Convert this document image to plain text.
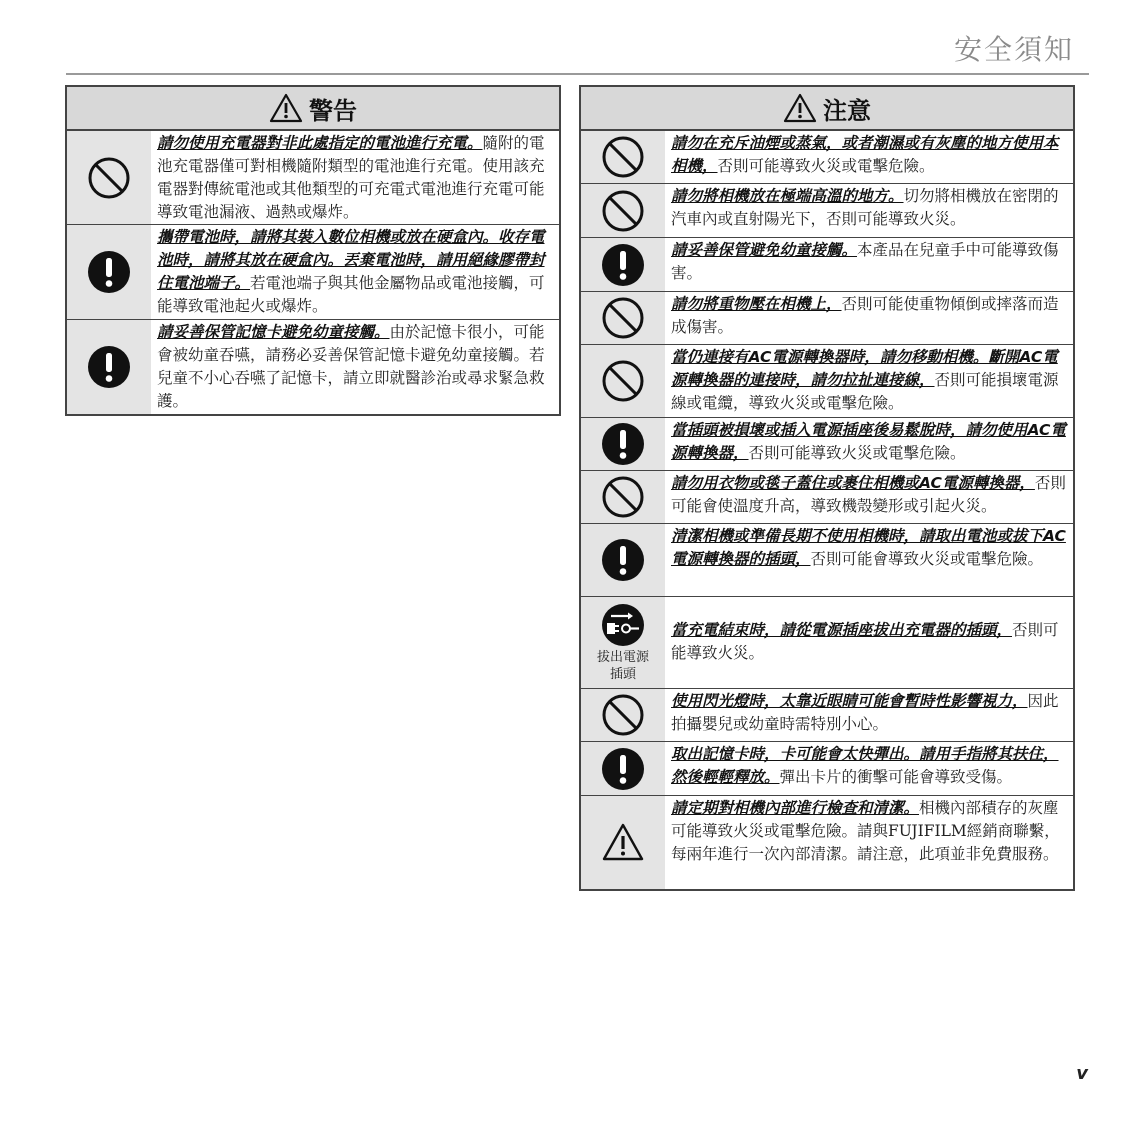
安全須知
警告
請勿使用充電器對非此處指定的電池進行充電。隨附的電池充電器僅可對相機隨附類型的電池進行充電。使用該充電器對傳統電池或其他類型的可充電式電池進行充電可能導致電池漏液、過熱或爆炸。
攜帶電池時，請將其裝入數位相機或放在硬盒內。收存電池時，請將其放在硬盒內。丟棄電池時，請用絕緣膠帶封住電池端子。若電池端子與其他金屬物品或電池接觸，可能導致電池起火或爆炸。
請妥善保管記憶卡避免幼童接觸。由於記憶卡很小，可能會被幼童吞嚥，請務必妥善保管記憶卡避免幼童接觸。若兒童不小心吞嚥了記憶卡，請立即就醫診治或尋求緊急救護。
注意
請勿在充斥油煙或蒸氣，或者潮濕或有灰塵的地方使用本相機，否則可能導致火災或電擊危險。
請勿將相機放在極端高溫的地方。切勿將相機放在密閉的汽車內或直射陽光下，否則可能導致火災。
請妥善保管避免幼童接觸。本產品在兒童手中可能導致傷害。
請勿將重物壓在相機上，否則可能使重物傾倒或摔落而造成傷害。
當仍連接有AC電源轉換器時，請勿移動相機。斷開AC電源轉換器的連接時，請勿拉扯連接線，否則可能損壞電源線或電纜，導致火災或電擊危險。
當插頭被損壞或插入電源插座後易鬆脫時，請勿使用AC電源轉換器，否則可能導致火災或電擊危險。
請勿用衣物或毯子蓋住或裹住相機或AC電源轉換器，否則可能會使溫度升高，導致機殼變形或引起火災。
清潔相機或準備長期不使用相機時，請取出電池或拔下AC電源轉換器的插頭，否則可能會導致火災或電擊危險。
拔出電源插頭
當充電結束時，請從電源插座拔出充電器的插頭，否則可能導致火災。
使用閃光燈時，太靠近眼睛可能會暫時性影響視力，因此拍攝嬰兒或幼童時需特別小心。
取出記憶卡時，卡可能會太快彈出。請用手指將其扶住，然後輕輕釋放。彈出卡片的衝擊可能會導致受傷。
請定期對相機內部進行檢查和清潔。相機內部積存的灰塵可能導致火災或電擊危險。請與FUJIFILM經銷商聯繫，每兩年進行一次內部清潔。請注意，此項並非免費服務。
v
